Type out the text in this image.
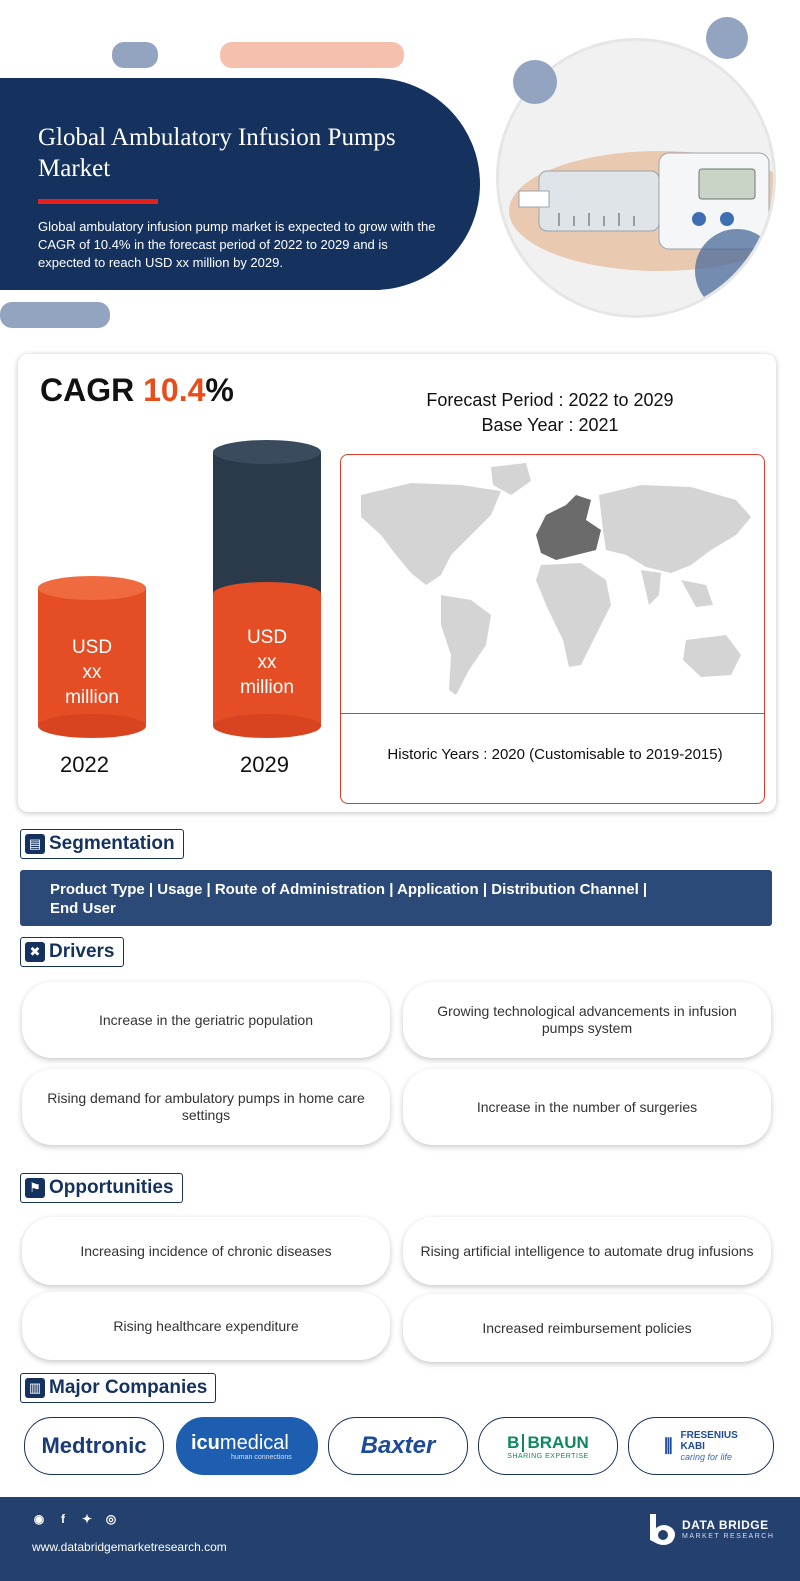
Global Ambulatory Infusion Pumps Market
Global ambulatory infusion pump market is expected to grow with the CAGR of 10.4% in the forecast period of 2022 to 2029 and is expected to reach USD xx million by 2029.
CAGR 10.4%	Forecast Period : 2022 to 2029
Base Year : 2021
USD
xx
million
2022
USD
xx
million
2029	Historic Years : 2020 (Customisable to 2019-2015)
▤ Segmentation
Product Type | Usage | Route of Administration | Application | Distribution Channel |
End User
✖ Drivers
Increase in the geriatric population
Growing technological advancements in infusion pumps system
Rising demand for ambulatory pumps in home care settings
Increase in the number of surgeries
⚑ Opportunities
Increasing incidence of chronic diseases	Rising artificial intelligence to automate drug infusions
Rising healthcare expenditure	Increased reimbursement policies
▥ Major Companies
Medtronic icumedical
human connections	Baxter	B BRAUN
SHARING EXPERTISE
⫼
FRESENIUS
KABI
caring for life
◉	f	✦ ◎
www.databridgemarketresearch.com
DATA BRIDGE
MARKET RESEARCH
